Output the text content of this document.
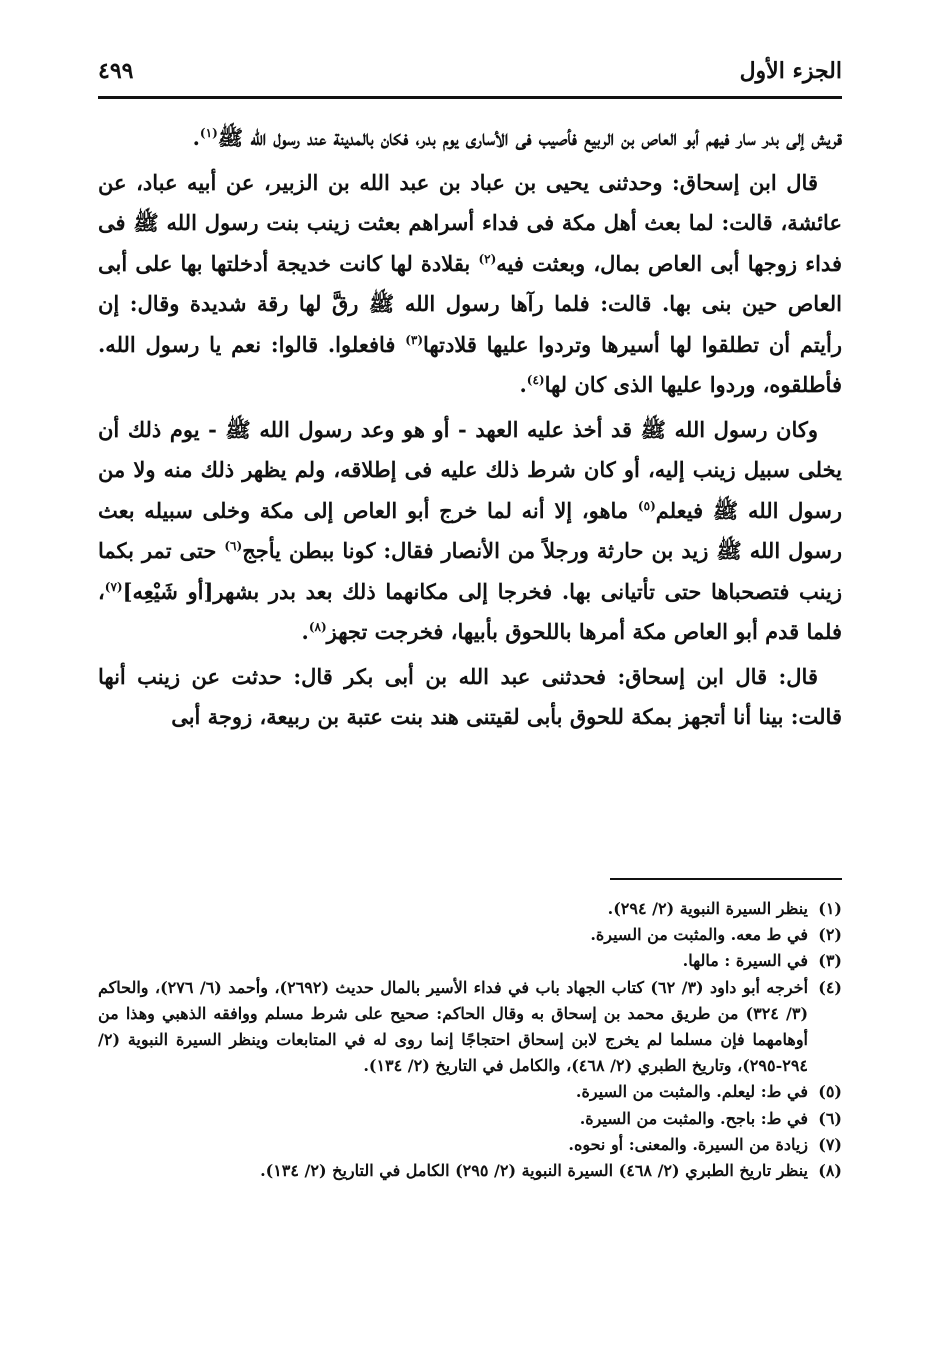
الجزء الأول
٤٩٩

قريش إلى بدر سار فيهم أبو العاص بن الربيع فأصيب فى الأسارى يوم بدر، فكان بالمدينة عند رسول الله ﷺ$^{(١)}$.

قال ابن إسحاق: وحدثنى يحيى بن عباد بن عبد الله بن الزبير، عن أبيه عباد، عن عائشة، قالت: لما بعث أهل مكة فى فداء أسراهم بعثت زينب بنت رسول الله ﷺ فى فداء زوجها أبى العاص بمال، وبعثت فيه$^{(٢)}$ بقلادة لها كانت خديجة أدخلتها بها على أبى العاص حين بنى بها. قالت: فلما رآها رسول الله ﷺ رقَّ لها رقة شديدة وقال: إن رأيتم أن تطلقوا لها أسيرها وتردوا عليها قلادتها$^{(٣)}$ فافعلوا. قالوا: نعم يا رسول الله. فأطلقوه، وردوا عليها الذى كان لها$^{(٤)}$.

وكان رسول الله ﷺ قد أخذ عليه العهد - أو هو وعد رسول الله ﷺ - يوم ذلك أن يخلى سبيل زينب إليه، أو كان شرط ذلك عليه فى إطلاقه، ولم يظهر ذلك منه ولا من رسول الله ﷺ فيعلم$^{(٥)}$ ماهو، إلا أنه لما خرج أبو العاص إلى مكة وخلى سبيله بعث رسول الله ﷺ زيد بن حارثة ورجلاً من الأنصار فقال: كونا ببطن يأجج$^{(٦)}$ حتى تمر بكما زينب فتصحباها حتى تأتيانى بها. فخرجا إلى مكانهما ذلك بعد بدر بشهر[أو شَيْعِه]$^{(٧)}$، فلما قدم أبو العاص مكة أمرها باللحوق بأبيها، فخرجت تجهز$^{(٨)}$.

قال: قال ابن إسحاق: فحدثنى عبد الله بن أبى بكر قال: حدثت عن زينب أنها قالت: بينا أنا أتجهز بمكة للحوق بأبى لقيتنى هند بنت عتبة بن ربيعة، زوجة أبى

(١)
ينظر السيرة النبوية (٢/ ٢٩٤).
(٢)
في ط معه. والمثبت من السيرة.
(٣)
في السيرة : مالها.
(٤)
أخرجه أبو داود (٣/ ٦٢) كتاب الجهاد باب في فداء الأسير بالمال حديث (٢٦٩٢)، وأحمد (٦/ ٢٧٦)، والحاكم (٣/ ٣٢٤) من طريق محمد بن إسحاق به وقال الحاكم: صحيح على شرط مسلم ووافقه الذهبي وهذا من أوهامهما فإن مسلما لم يخرج لابن إسحاق احتجاجًا إنما روى له في المتابعات وينظر السيرة النبوية (٢/ ٢٩٤-٢٩٥)، وتاريخ الطبري (٢/ ٤٦٨)، والكامل في التاريخ (٢/ ١٣٤).
(٥)
في ط: ليعلم. والمثبت من السيرة.
(٦)
في ط: باجح. والمثبت من السيرة.
(٧)
زيادة من السيرة. والمعنى: أو نحوه.
(٨)
ينظر تاريخ الطبري (٢/ ٤٦٨) السيرة النبوية (٢/ ٢٩٥) الكامل في التاريخ (٢/ ١٣٤).
